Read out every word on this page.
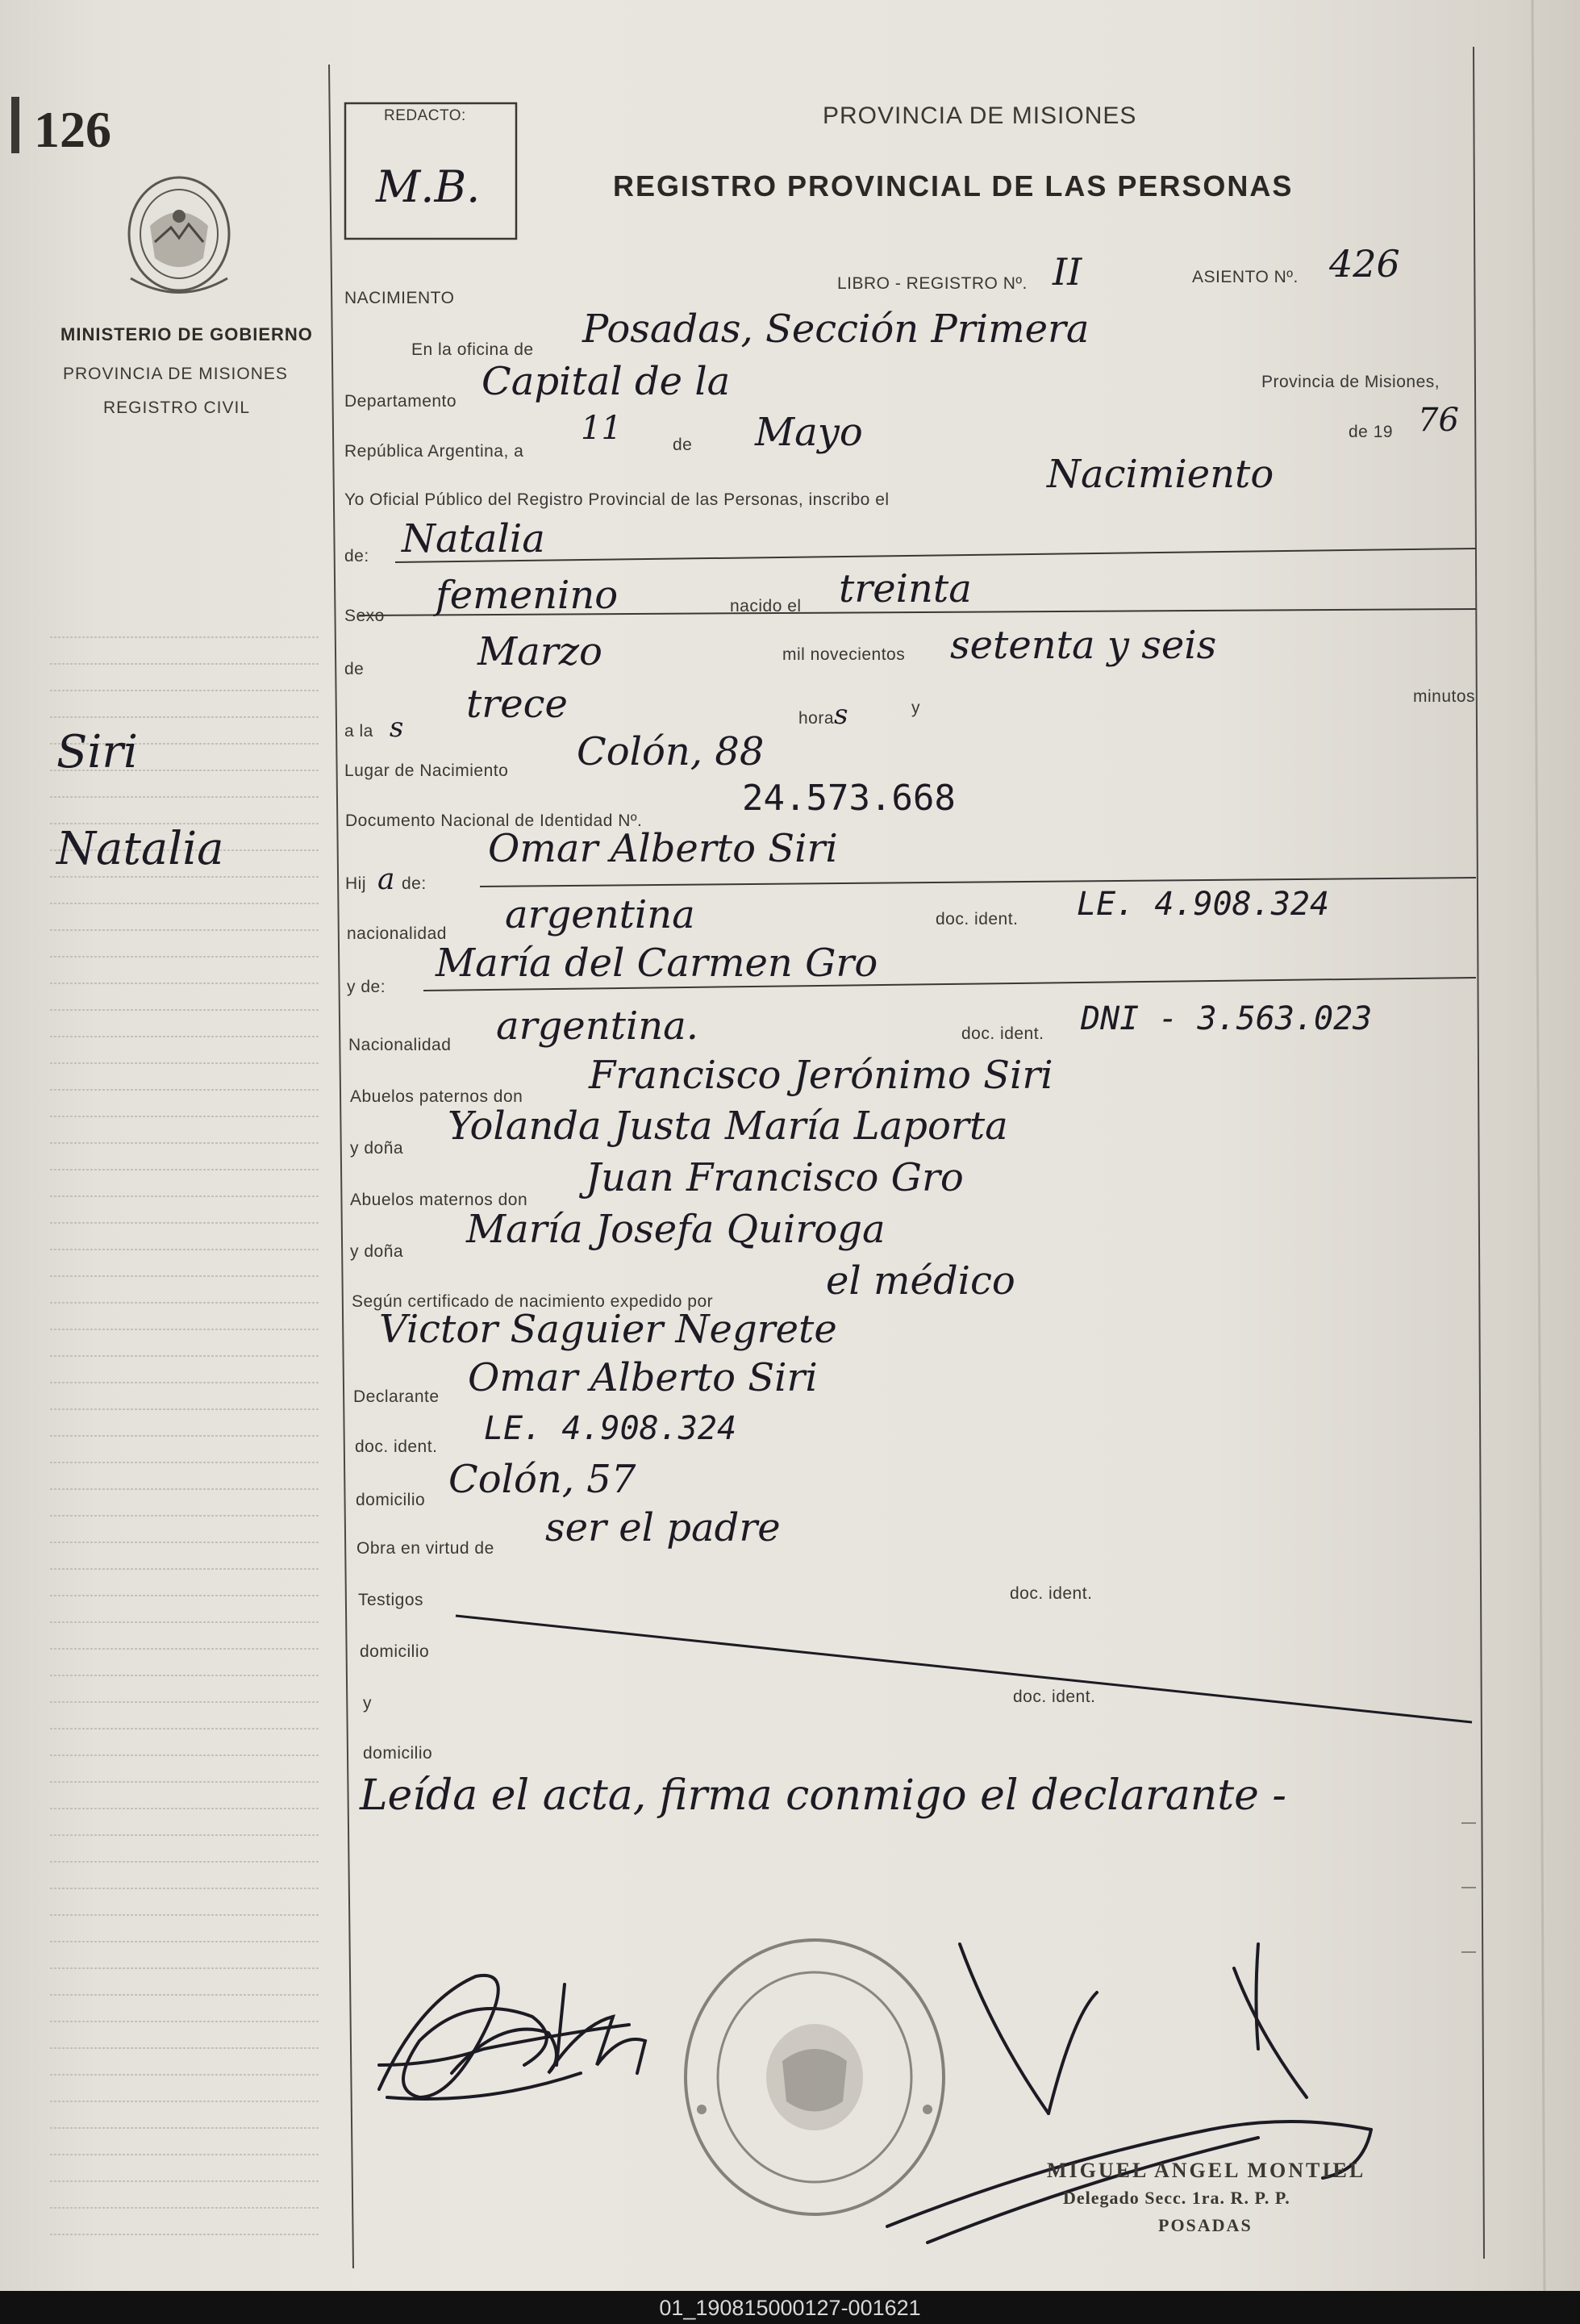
126
MINISTERIO DE GOBIERNO
PROVINCIA DE MISIONES
REGISTRO CIVIL
Siri
Natalia
REDACTO:
M.B.
PROVINCIA DE MISIONES
REGISTRO PROVINCIAL DE LAS PERSONAS
NACIMIENTO
LIBRO - REGISTRO Nº. II	ASIENTO Nº. 426
En la oficina de Posadas, Sección Primera
Departamento Capital de la	Provincia de Misiones,
República Argentina, a
11	de Mayo	de 19 76
Yo Oficial Público del Registro Provincial de las Personas, inscribo el
Nacimiento
de: Natalia
Sexo femenino	nacido el treinta
de	Marzo	mil novecientos setenta y seis
a la s
trece	horas	y
minutos
Lugar de Nacimiento Colón, 88
Documento Nacional de Identidad Nº.
24.573.668
Hij a de:
Omar Alberto Siri
nacionalidad argentina	doc. ident. LE. 4.908.324
y de:
María del Carmen Gro
Nacionalidad argentina.	doc. ident. DNI - 3.563.023
Abuelos paternos don Francisco Jerónimo Siri
y doña Yolanda Justa María Laporta
Abuelos maternos don Juan Francisco Gro
y doña María Josefa Quiroga
Según certificado de nacimiento expedido por	el médico
Victor Saguier Negrete
Declarante Omar Alberto Siri
doc. ident. LE. 4.908.324
domicilio Colón, 57
Obra en virtud de ser el padre
Testigos	doc. ident.
domicilio
y	doc. ident.
domicilio
Leída el acta, firma conmigo el declarante -
MIGUEL ANGEL MONTIEL
Delegado Secc. 1ra. R. P. P.
POSADAS
01_190815000127-001621
